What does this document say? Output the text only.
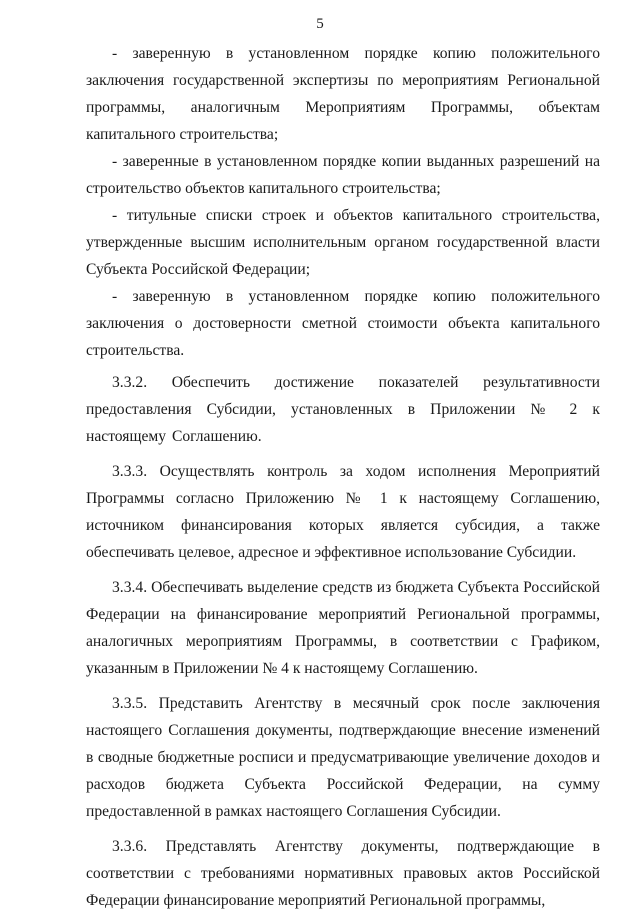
5

- заверенную в установленном порядке копию положительного заключения государственной экспертизы по мероприятиям Региональной программы, аналогичным Мероприятиям Программы, объектам капитального строительства;

- заверенные в установленном порядке копии выданных разрешений на строительство объектов капитального строительства;

- титульные списки строек и объектов капитального строительства, утвержденные высшим исполнительным органом государственной власти Субъекта Российской Федерации;

- заверенную в установленном порядке копию положительного заключения о достоверности сметной стоимости объекта капитального строительства.

3.3.2. Обеспечить достижение показателей результативности предоставления Субсидии, установленных в Приложении № 2 к настоящему Соглашению.

3.3.3. Осуществлять контроль за ходом исполнения Мероприятий Программы согласно Приложению № 1 к настоящему Соглашению, источником финансирования которых является субсидия, а также обеспечивать целевое, адресное и эффективное использование Субсидии.

3.3.4. Обеспечивать выделение средств из бюджета Субъекта Российской Федерации на финансирование мероприятий Региональной программы, аналогичных мероприятиям Программы, в соответствии с Графиком, указанным в Приложении № 4 к настоящему Соглашению.

3.3.5. Представить Агентству в месячный срок после заключения настоящего Соглашения документы, подтверждающие внесение изменений в сводные бюджетные росписи и предусматривающие увеличение доходов и расходов бюджета Субъекта Российской Федерации, на сумму предоставленной в рамках настоящего Соглашения Субсидии.

3.3.6. Представлять Агентству документы, подтверждающие в соответствии с требованиями нормативных правовых актов Российской Федерации финансирование мероприятий Региональной программы,
